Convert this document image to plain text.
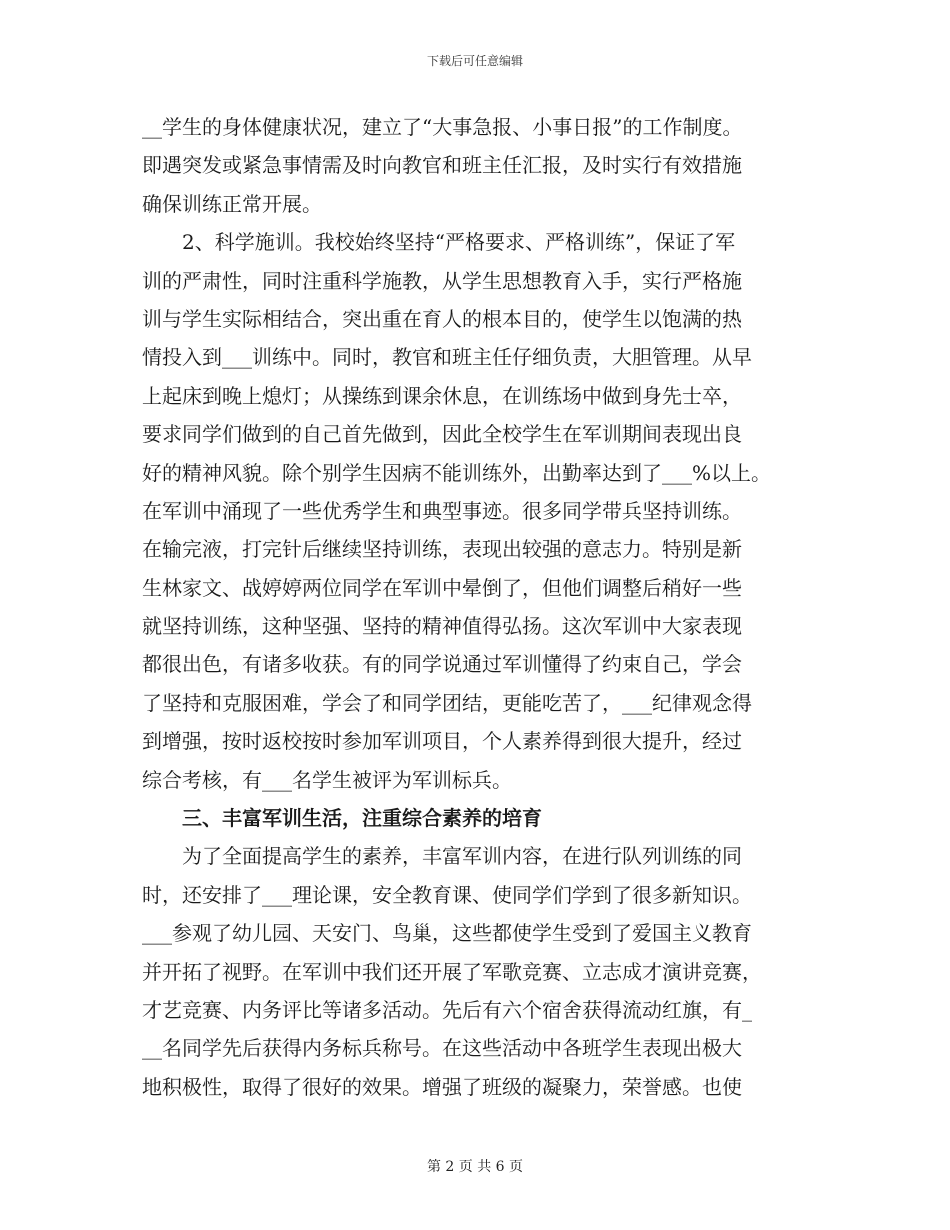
下载后可任意编辑
__学生的身体健康状况，建立了“大事急报、小事日报”的工作制度。
即遇突发或紧急事情需及时向教官和班主任汇报，及时实行有效措施
确保训练正常开展。
2、科学施训。我校始终坚持“严格要求、严格训练”，保证了军
训的严肃性，同时注重科学施教，从学生思想教育入手，实行严格施
训与学生实际相结合，突出重在育人的根本目的，使学生以饱满的热
情投入到___训练中。同时，教官和班主任仔细负责，大胆管理。从早
上起床到晚上熄灯；从操练到课余休息，在训练场中做到身先士卒，
要求同学们做到的自己首先做到，因此全校学生在军训期间表现出良
好的精神风貌。除个别学生因病不能训练外，出勤率达到了___%以上。
在军训中涌现了一些优秀学生和典型事迹。很多同学带兵坚持训练。
在输完液，打完针后继续坚持训练，表现出较强的意志力。特别是新
生林家文、战婷婷两位同学在军训中晕倒了，但他们调整后稍好一些
就坚持训练，这种坚强、坚持的精神值得弘扬。这次军训中大家表现
都很出色，有诸多收获。有的同学说通过军训懂得了约束自己，学会
了坚持和克服困难，学会了和同学团结，更能吃苦了，___纪律观念得
到增强，按时返校按时参加军训项目，个人素养得到很大提升，经过
综合考核，有___名学生被评为军训标兵。
三、丰富军训生活，注重综合素养的培育
为了全面提高学生的素养，丰富军训内容，在进行队列训练的同
时，还安排了___理论课，安全教育课、使同学们学到了很多新知识。
___参观了幼儿园、天安门、鸟巢，这些都使学生受到了爱国主义教育
并开拓了视野。在军训中我们还开展了军歌竞赛、立志成才演讲竞赛，
才艺竞赛、内务评比等诸多活动。先后有六个宿舍获得流动红旗，有_
__名同学先后获得内务标兵称号。在这些活动中各班学生表现出极大
地积极性，取得了很好的效果。增强了班级的凝聚力，荣誉感。也使
第 2 页 共 6 页
